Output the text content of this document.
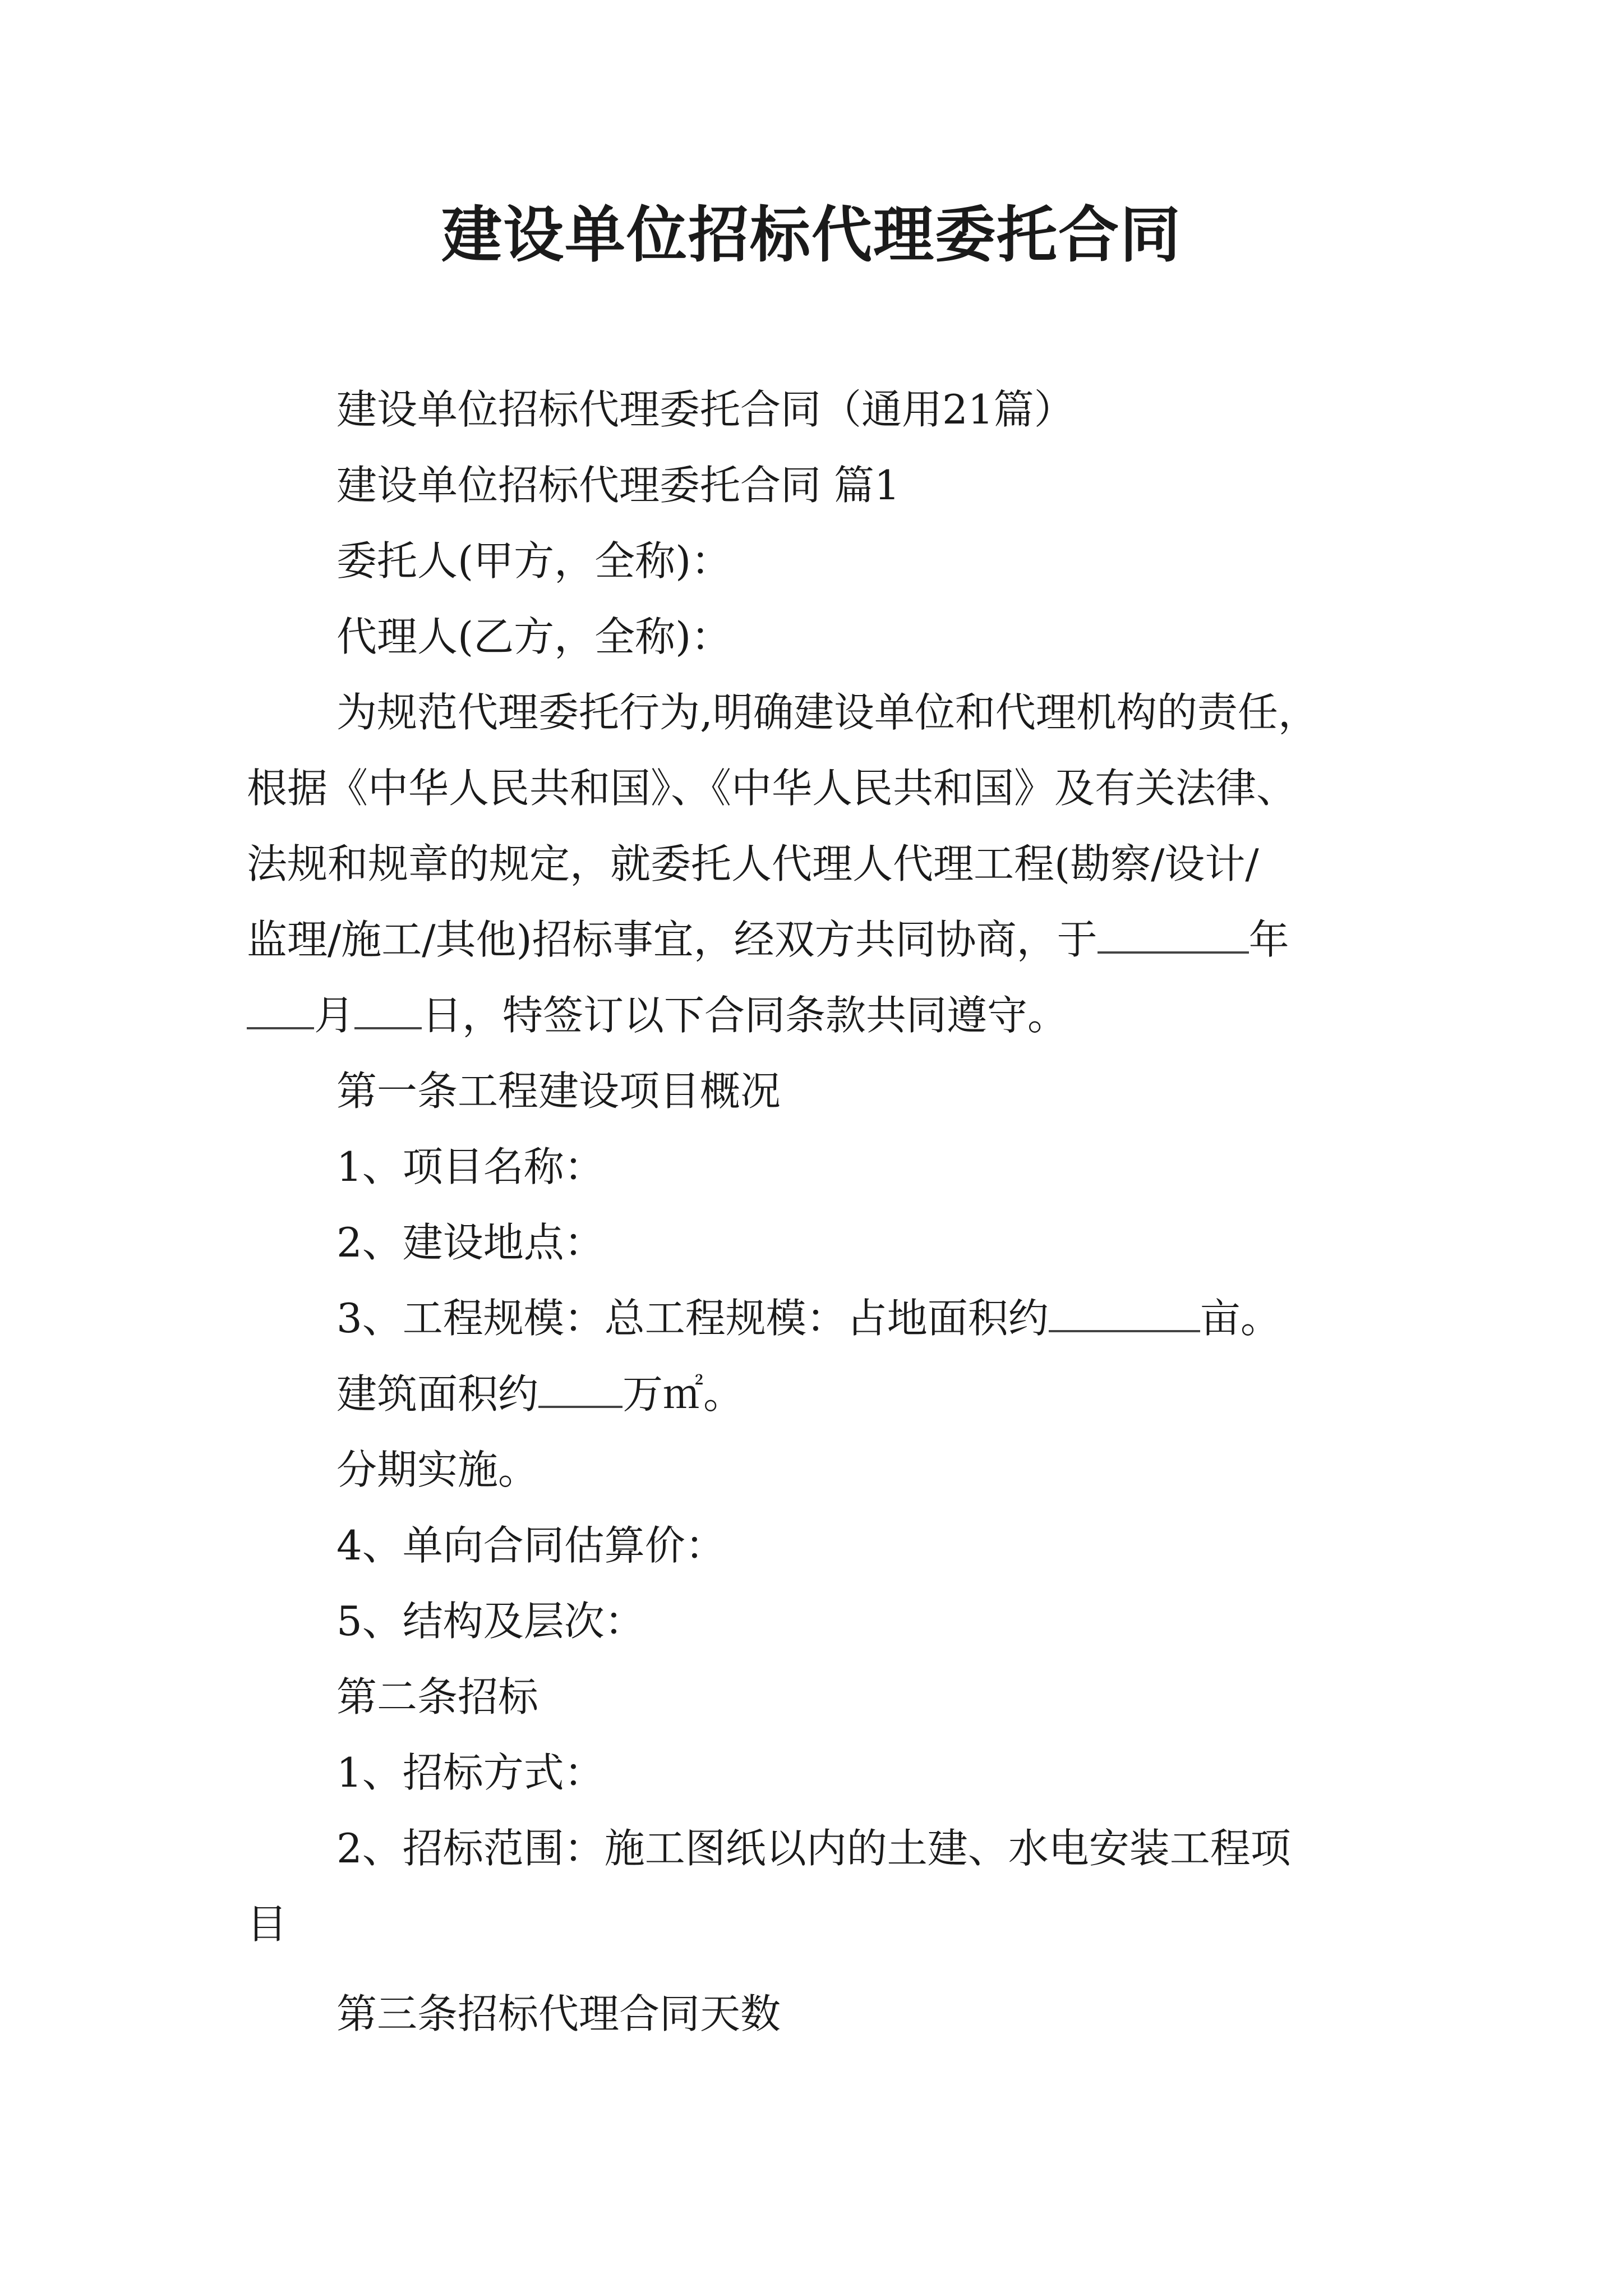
建设单位招标代理委托合同

建设单位招标代理委托合同（通用21篇）

建设单位招标代理委托合同 篇1

委托人(甲方，全称)：

代理人(乙方，全称)：

为规范代理委托行为,明确建设单位和代理机构的责任，

根据《中华人民共和国》、《中华人民共和国》及有关法律、

法规和规章的规定，就委托人代理人代理工程(勘察/设计/

监理/施工/其他)招标事宜，经双方共同协商，于	年

月 日，特签订以下合同条款共同遵守。

第一条工程建设项目概况

1、项目名称：

2、建设地点：

3、工程规模：总工程规模：占地面积约	亩。

建筑面积约 万㎡。

分期实施。

4、单向合同估算价：

5、结构及层次：

第二条招标

1、招标方式：

2、招标范围：施工图纸以内的土建、水电安装工程项

目

第三条招标代理合同天数
